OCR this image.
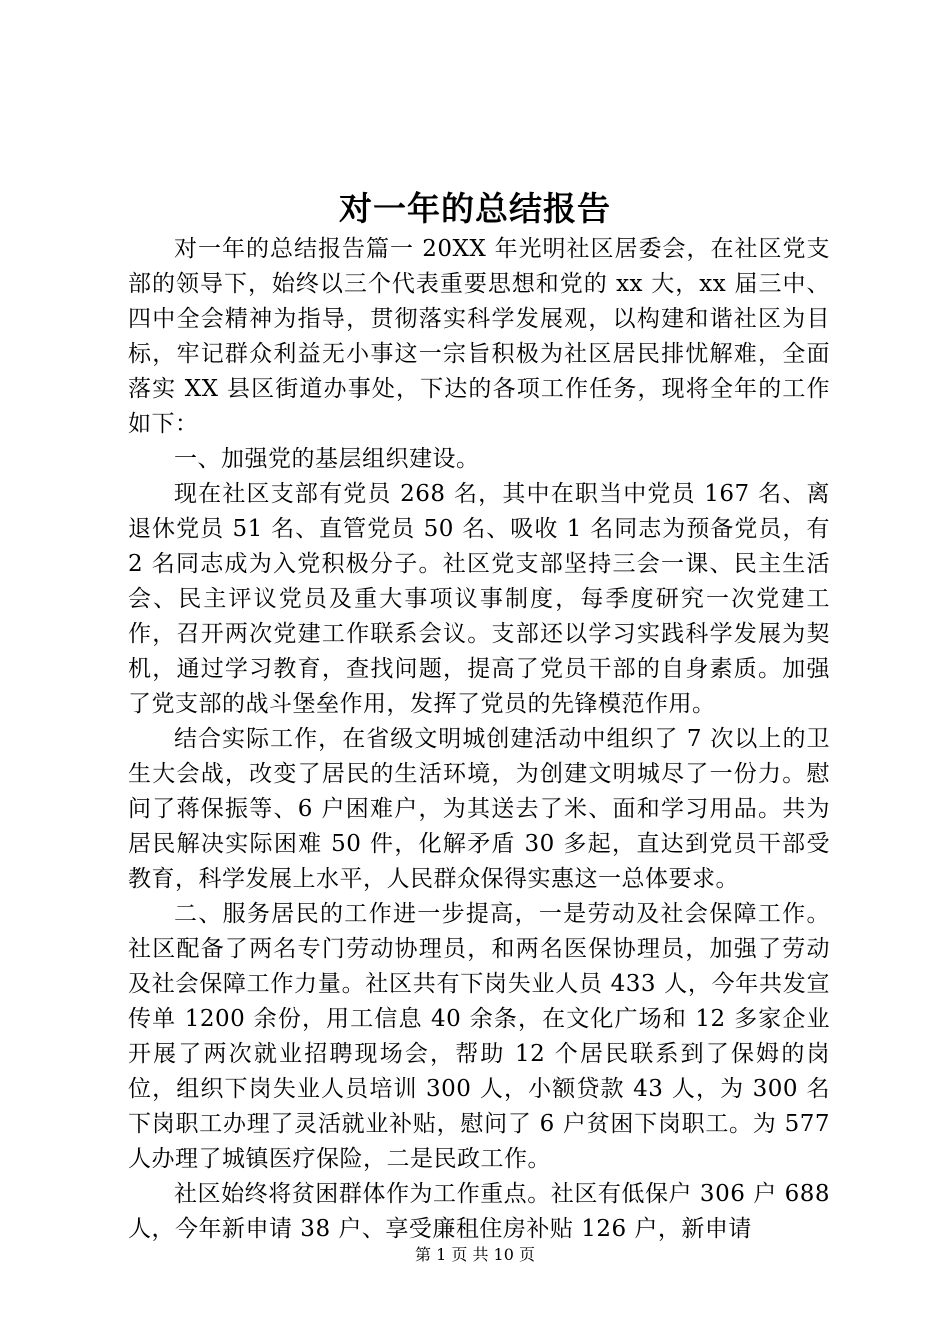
对一年的总结报告

对一年的总结报告篇一 20XX 年光明社区居委会，在社区党支部的领导下，始终以三个代表重要思想和党的 xx 大，xx 届三中、四中全会精神为指导，贯彻落实科学发展观，以构建和谐社区为目标，牢记群众利益无小事这一宗旨积极为社区居民排忧解难，全面落实 XX 县区街道办事处，下达的各项工作任务，现将全年的工作如下：

一、加强党的基层组织建设。

现在社区支部有党员 268 名，其中在职当中党员 167 名、离退休党员 51 名、直管党员 50 名、吸收 1 名同志为预备党员，有 2 名同志成为入党积极分子。社区党支部坚持三会一课、民主生活会、民主评议党员及重大事项议事制度，每季度研究一次党建工作，召开两次党建工作联系会议。支部还以学习实践科学发展为契机，通过学习教育，查找问题，提高了党员干部的自身素质。加强了党支部的战斗堡垒作用，发挥了党员的先锋模范作用。

结合实际工作，在省级文明城创建活动中组织了 7 次以上的卫生大会战，改变了居民的生活环境，为创建文明城尽了一份力。慰问了蒋保振等、6 户困难户，为其送去了米、面和学习用品。共为居民解决实际困难 50 件，化解矛盾 30 多起，直达到党员干部受教育，科学发展上水平，人民群众保得实惠这一总体要求。

二、服务居民的工作进一步提高，一是劳动及社会保障工作。社区配备了两名专门劳动协理员，和两名医保协理员，加强了劳动及社会保障工作力量。社区共有下岗失业人员 433 人，今年共发宣传单 1200 余份，用工信息 40 余条，在文化广场和 12 多家企业开展了两次就业招聘现场会，帮助 12 个居民联系到了保姆的岗位，组织下岗失业人员培训 300 人，小额贷款 43 人，为 300 名下岗职工办理了灵活就业补贴，慰问了 6 户贫困下岗职工。为 577 人办理了城镇医疗保险，二是民政工作。

社区始终将贫困群体作为工作重点。社区有低保户 306 户 688 人，今年新申请 38 户、享受廉租住房补贴 126 户，新申请

第 1 页 共 10 页
